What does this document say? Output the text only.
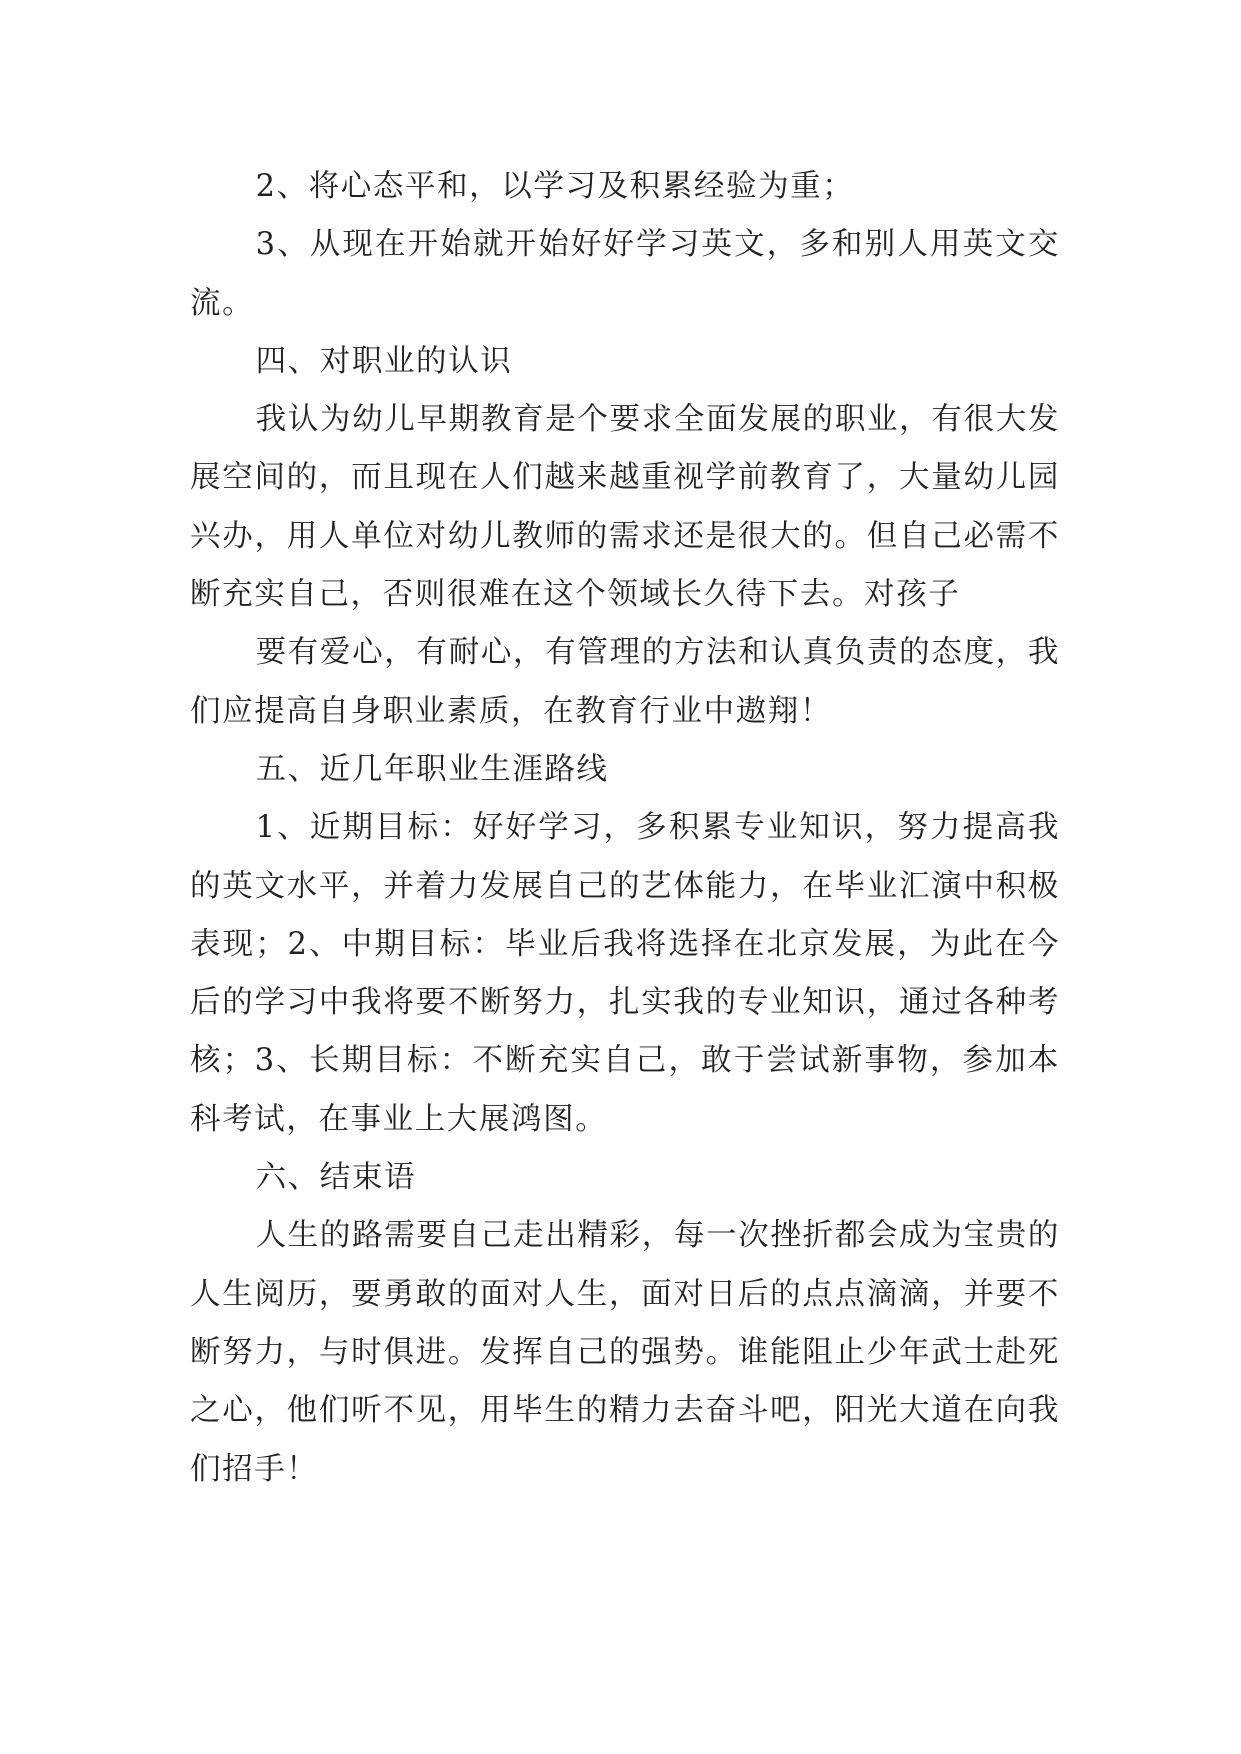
2、将心态平和，以学习及积累经验为重；

3、从现在开始就开始好好学习英文，多和别人用英文交流。

四、对职业的认识

我认为幼儿早期教育是个要求全面发展的职业，有很大发展空间的，而且现在人们越来越重视学前教育了，大量幼儿园兴办，用人单位对幼儿教师的需求还是很大的。但自己必需不断充实自己，否则很难在这个领域长久待下去。对孩子

要有爱心，有耐心，有管理的方法和认真负责的态度，我们应提高自身职业素质，在教育行业中遨翔！

五、近几年职业生涯路线

1、近期目标：好好学习，多积累专业知识，努力提高我的英文水平，并着力发展自己的艺体能力，在毕业汇演中积极表现；2、中期目标：毕业后我将选择在北京发展，为此在今后的学习中我将要不断努力，扎实我的专业知识，通过各种考核；3、长期目标：不断充实自己，敢于尝试新事物，参加本科考试，在事业上大展鸿图。

六、结束语

人生的路需要自己走出精彩，每一次挫折都会成为宝贵的人生阅历，要勇敢的面对人生，面对日后的点点滴滴，并要不断努力，与时俱进。发挥自己的强势。谁能阻止少年武士赴死之心，他们听不见，用毕生的精力去奋斗吧，阳光大道在向我们招手！
